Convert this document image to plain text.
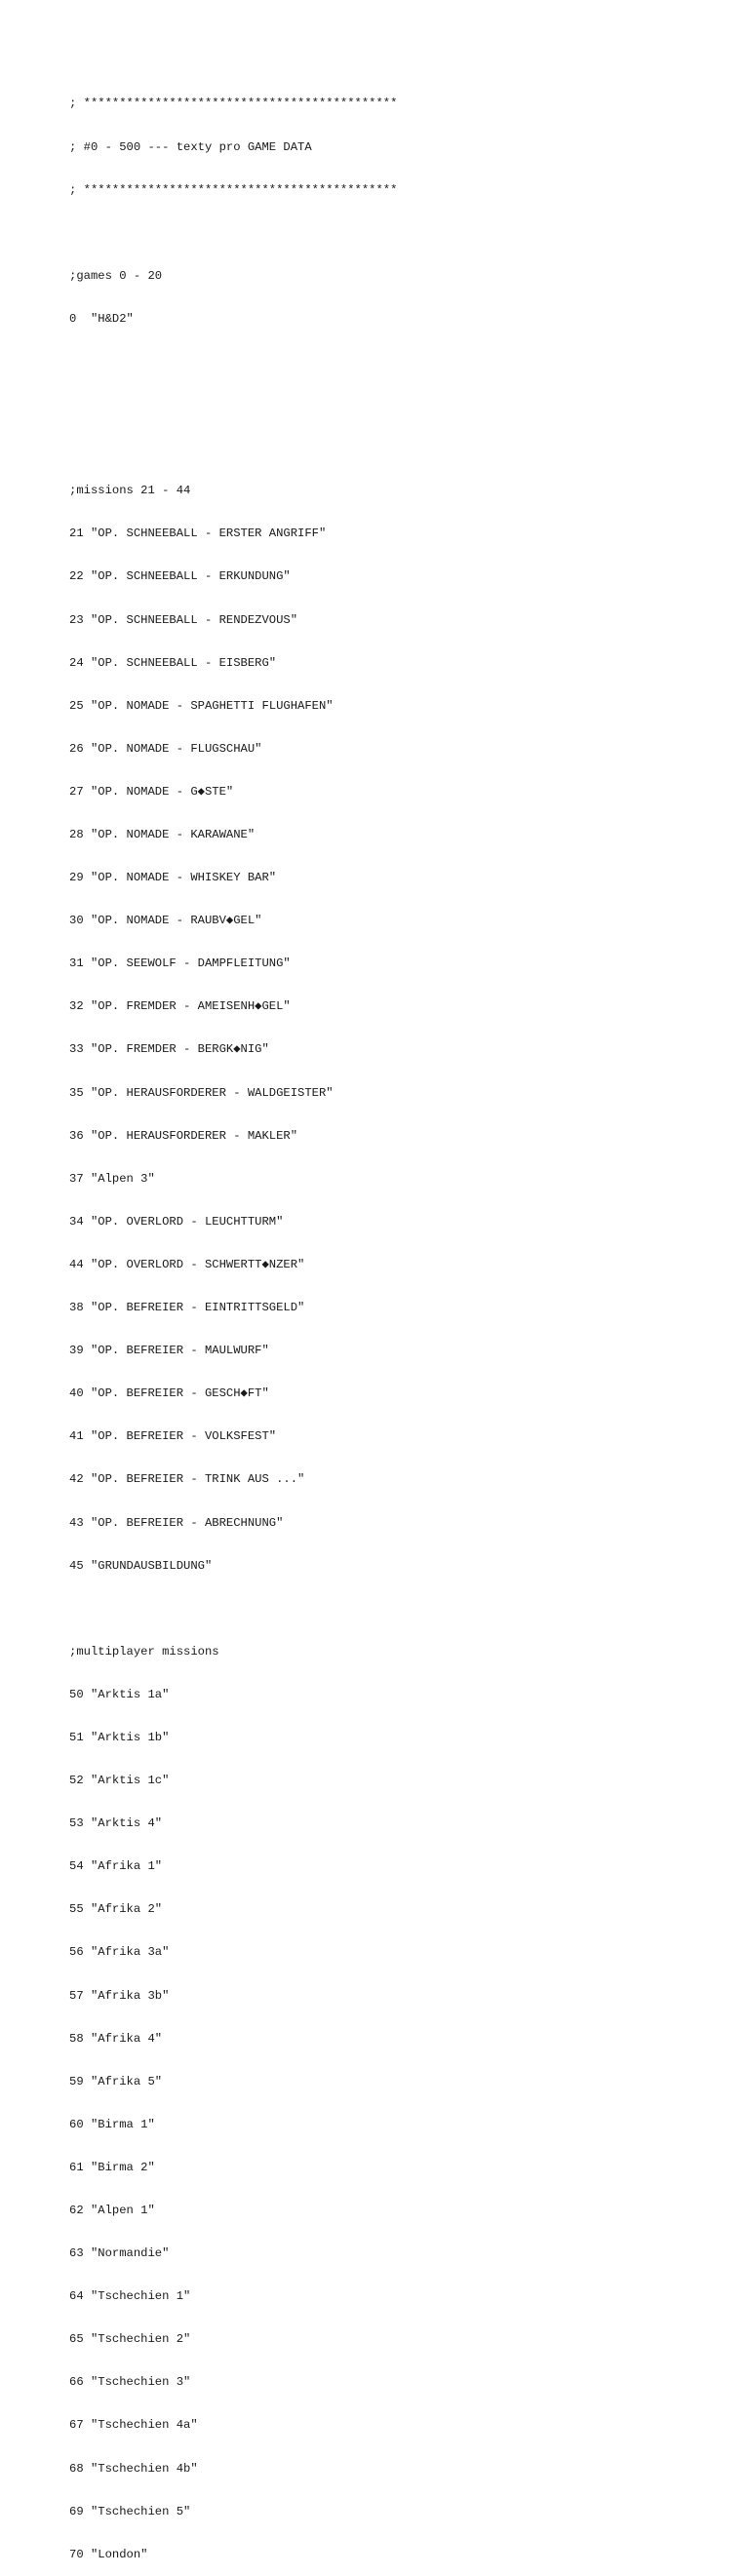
; ********************************************

; #0 - 500 --- texty pro GAME DATA

; ********************************************

;games 0 - 20

0  "H&D2"

;missions 21 - 44

21 "OP. SCHNEEBALL - ERSTER ANGRIFF"

22 "OP. SCHNEEBALL - ERKUNDUNG"

23 "OP. SCHNEEBALL - RENDEZVOUS"

24 "OP. SCHNEEBALL - EISBERG"

25 "OP. NOMADE - SPAGHETTI FLUGHAFEN"

26 "OP. NOMADE - FLUGSCHAU"

27 "OP. NOMADE - G◆STE"

28 "OP. NOMADE - KARAWANE"

29 "OP. NOMADE - WHISKEY BAR"

30 "OP. NOMADE - RAUBV◆GEL"

31 "OP. SEEWOLF - DAMPFLEITUNG"

32 "OP. FREMDER - AMEISENH◆GEL"

33 "OP. FREMDER - BERGK◆NIG"

35 "OP. HERAUSFORDERER - WALDGEISTER"

36 "OP. HERAUSFORDERER - MAKLER"

37 "Alpen 3"

34 "OP. OVERLORD - LEUCHTTURM"

44 "OP. OVERLORD - SCHWERTT◆NZER"

38 "OP. BEFREIER - EINTRITTSGELD"

39 "OP. BEFREIER - MAULWURF"

40 "OP. BEFREIER - GESCH◆FT"

41 "OP. BEFREIER - VOLKSFEST"

42 "OP. BEFREIER - TRINK AUS ..."

43 "OP. BEFREIER - ABRECHNUNG"

45 "GRUNDAUSBILDUNG"

;multiplayer missions

50 "Arktis 1a"

51 "Arktis 1b"

52 "Arktis 1c"

53 "Arktis 4"

54 "Afrika 1"

55 "Afrika 2"

56 "Afrika 3a"

57 "Afrika 3b"

58 "Afrika 4"

59 "Afrika 5"

60 "Birma 1"

61 "Birma 2"

62 "Alpen 1"

63 "Normandie"

64 "Tschechien 1"

65 "Tschechien 2"

66 "Tschechien 3"

67 "Tschechien 4a"

68 "Tschechien 4b"

69 "Tschechien 5"

70 "London"
